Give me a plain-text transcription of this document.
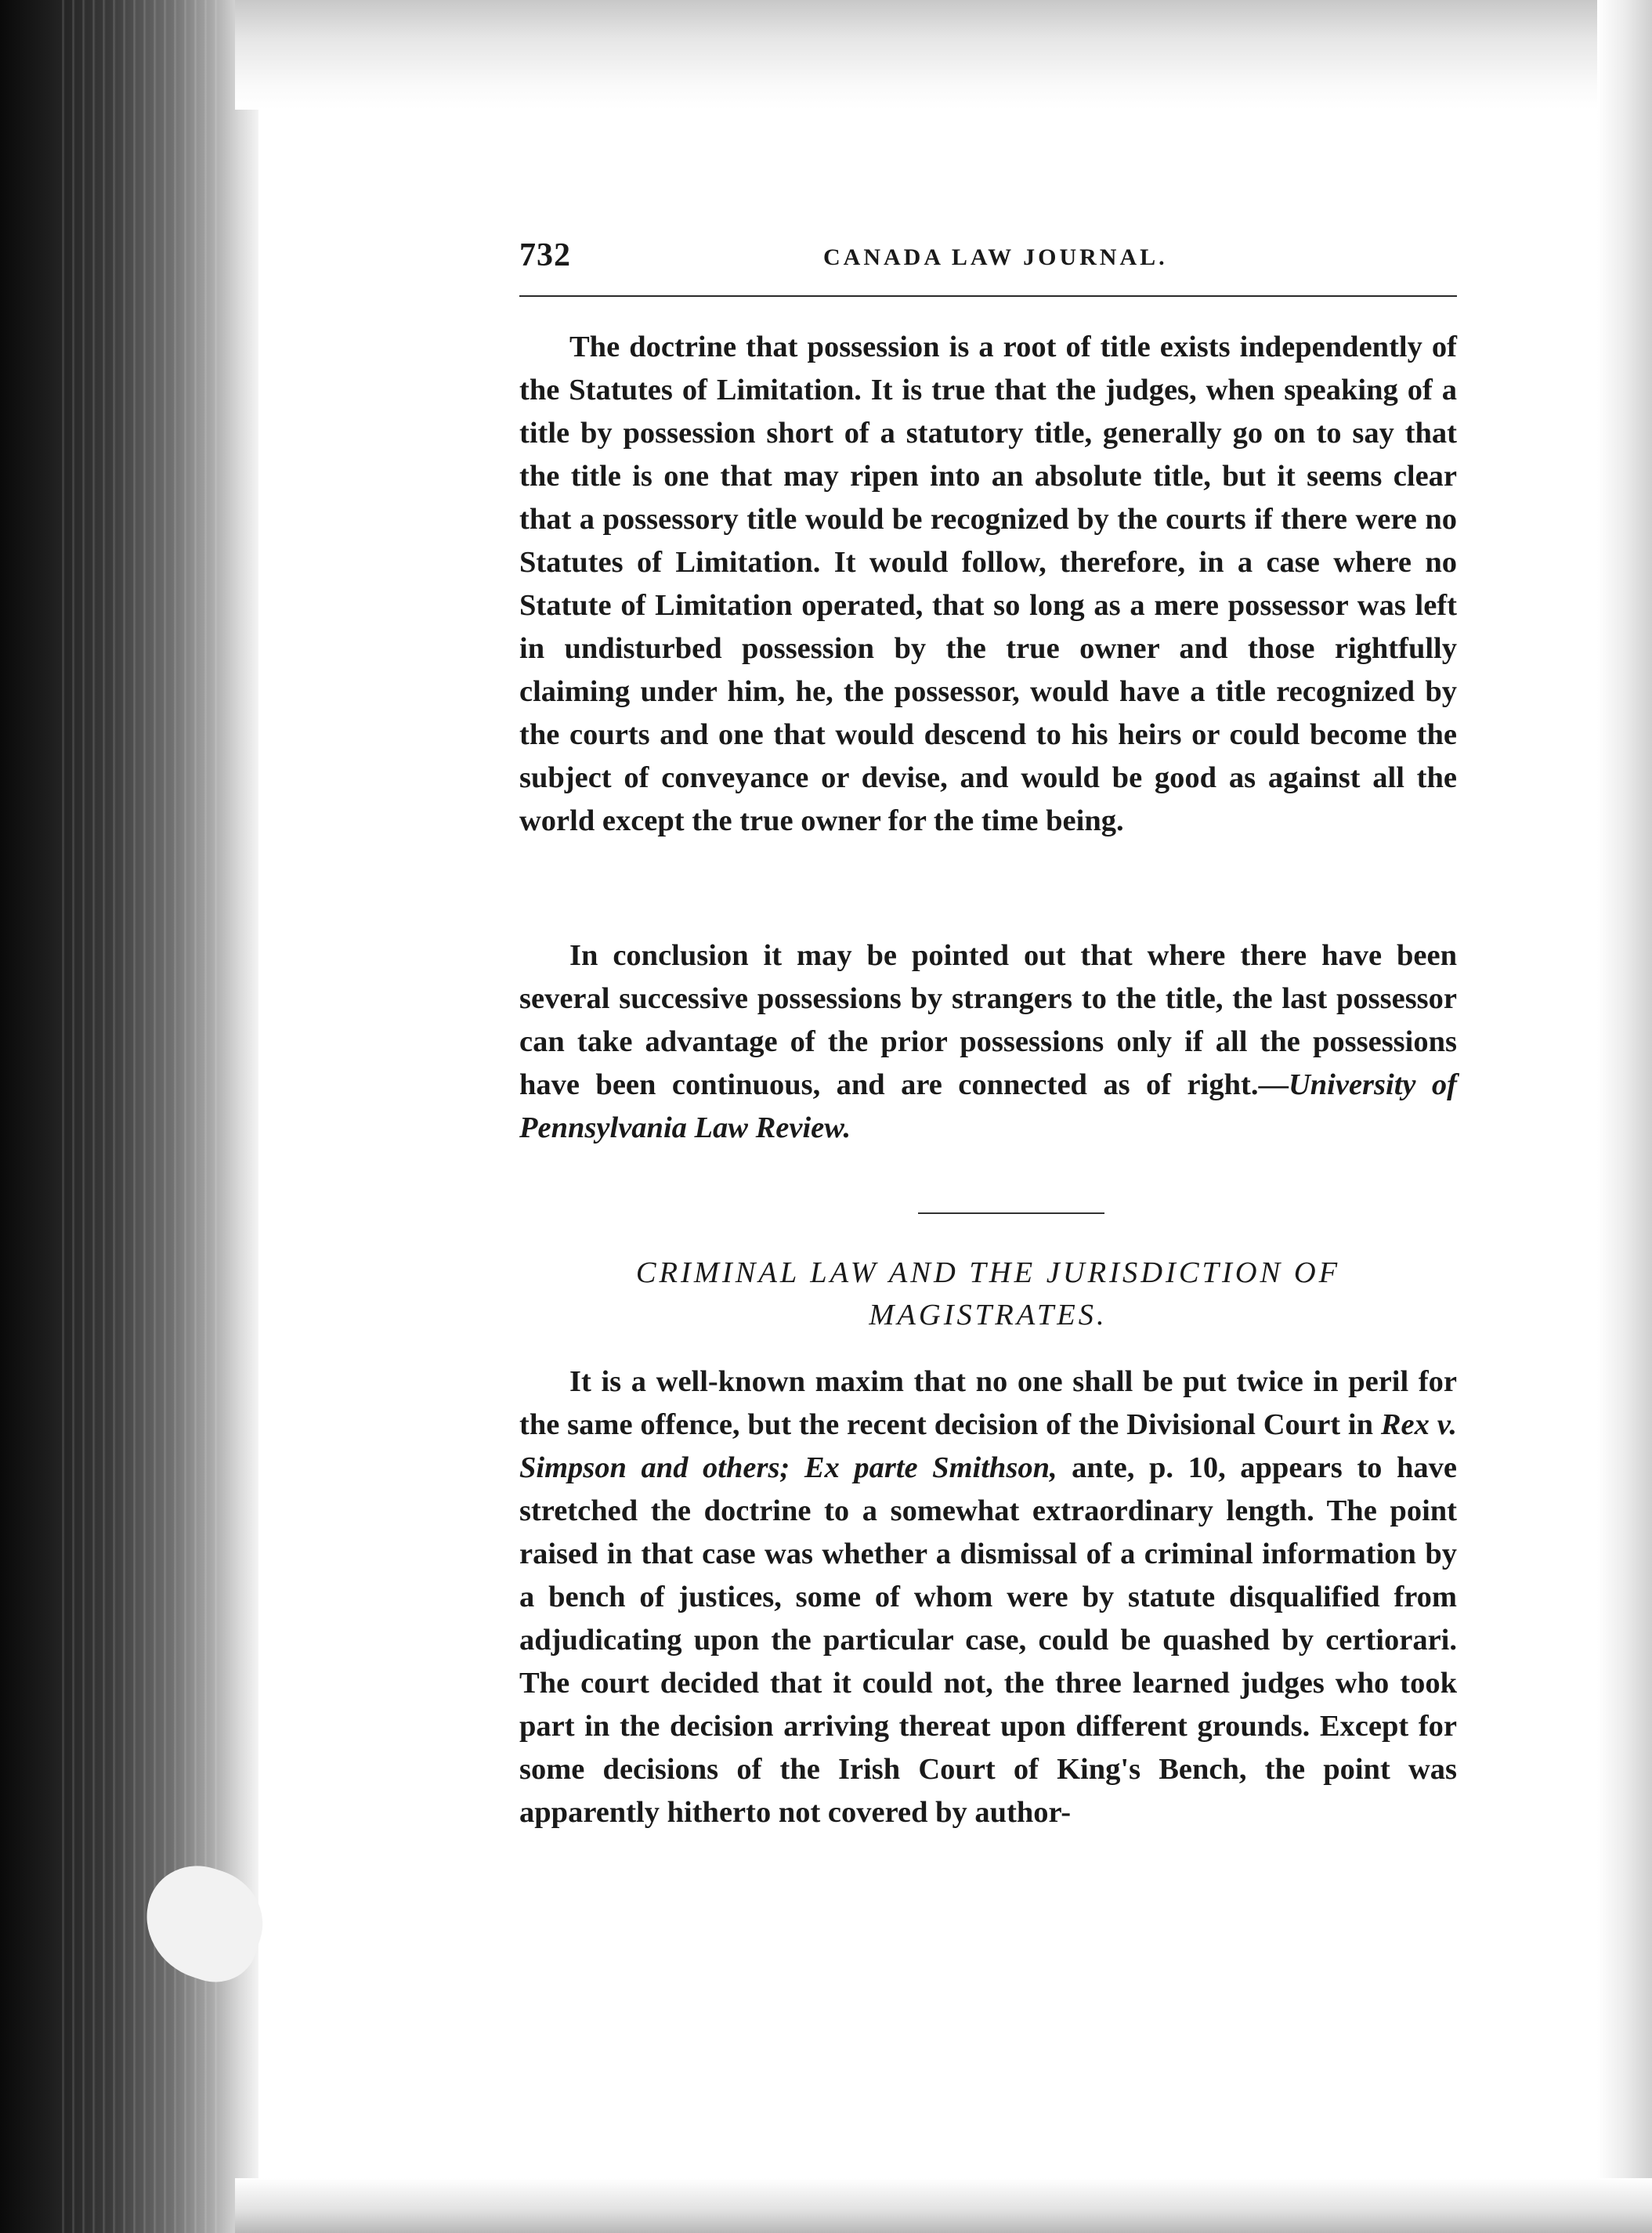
732	CANADA LAW JOURNAL.

The doctrine that possession is a root of title exists independently of the Statutes of Limitation. It is true that the judges, when speaking of a title by possession short of a statutory title, generally go on to say that the title is one that may ripen into an absolute title, but it seems clear that a possessory title would be recognized by the courts if there were no Statutes of Limitation. It would follow, therefore, in a case where no Statute of Limitation operated, that so long as a mere possessor was left in undisturbed possession by the true owner and those rightfully claiming under him, he, the possessor, would have a title recognized by the courts and one that would descend to his heirs or could become the subject of conveyance or devise, and would be good as against all the world except the true owner for the time being.

In conclusion it may be pointed out that where there have been several successive possessions by strangers to the title, the last possessor can take advantage of the prior possessions only if all the possessions have been continuous, and are connected as of right.—University of Pennsylvania Law Review.

CRIMINAL LAW AND THE JURISDICTION OF
MAGISTRATES.

It is a well-known maxim that no one shall be put twice in peril for the same offence, but the recent decision of the Divisional Court in Rex v. Simpson and others; Ex parte Smithson, ante, p. 10, appears to have stretched the doctrine to a somewhat extraordinary length. The point raised in that case was whether a dismissal of a criminal information by a bench of justices, some of whom were by statute disqualified from adjudicating upon the particular case, could be quashed by certiorari. The court decided that it could not, the three learned judges who took part in the decision arriving thereat upon different grounds. Except for some decisions of the Irish Court of King's Bench, the point was apparently hitherto not covered by author-
